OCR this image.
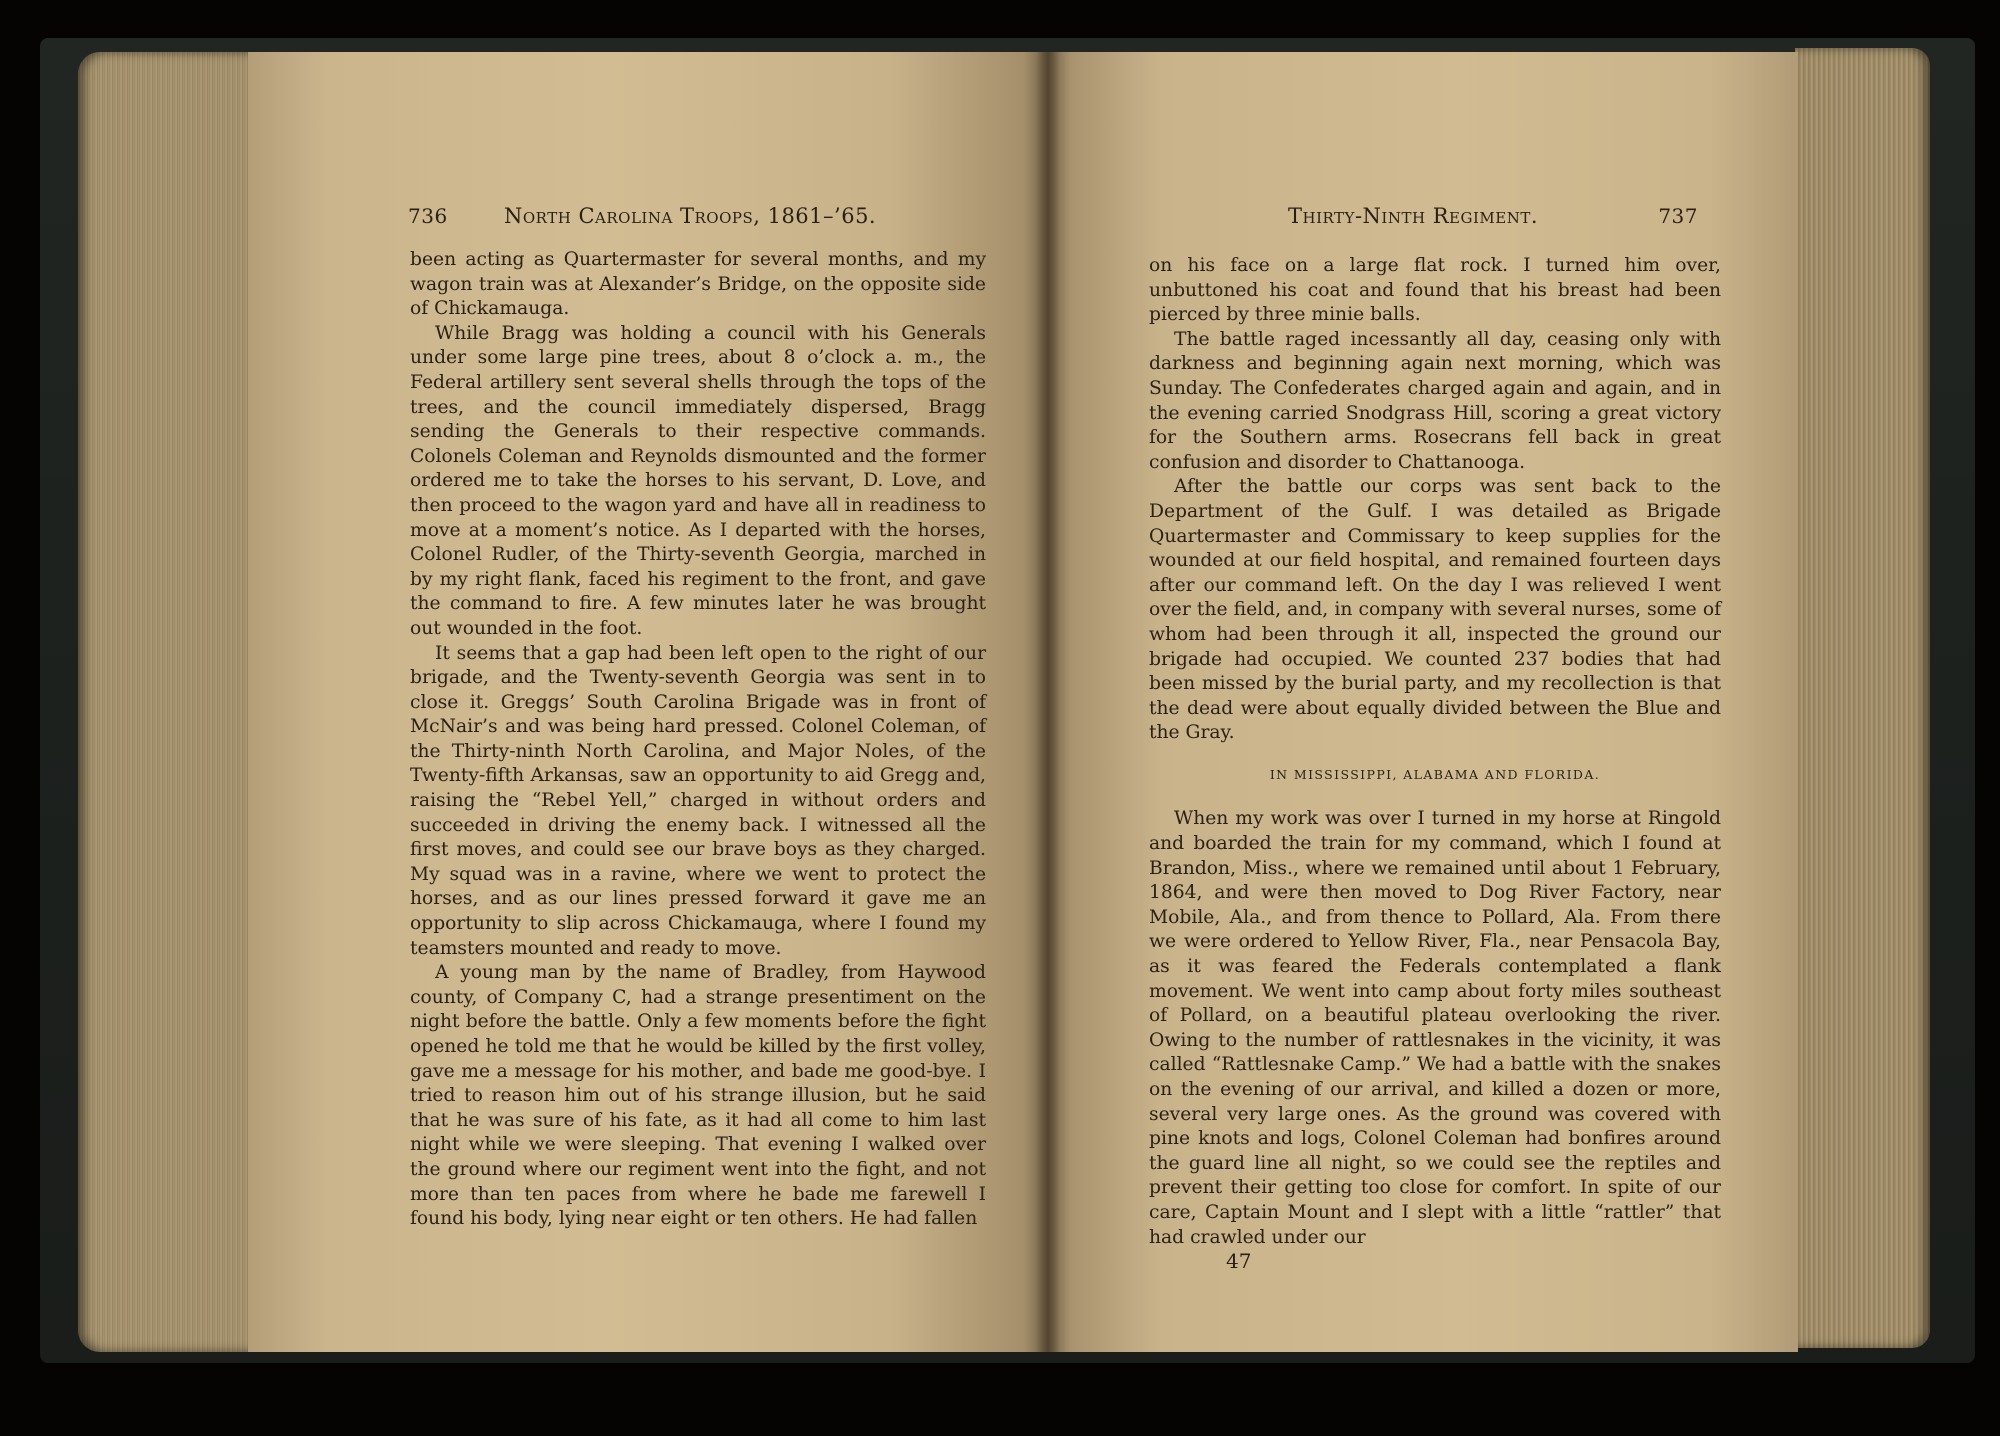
736	North Carolina Troops, 1861–’65.

been acting as Quartermaster for several months, and my wagon train was at Alexander’s Bridge, on the opposite side of Chickamauga.

While Bragg was holding a council with his Generals under some large pine trees, about 8 o’clock a. m., the Federal artillery sent several shells through the tops of the trees, and the council immediately dispersed, Bragg sending the Generals to their respective commands. Colonels Coleman and Reynolds dismounted and the former ordered me to take the horses to his servant, D. Love, and then proceed to the wagon yard and have all in readiness to move at a moment’s notice. As I departed with the horses, Colonel Rudler, of the Thirty-seventh Georgia, marched in by my right flank, faced his regiment to the front, and gave the command to fire. A few minutes later he was brought out wounded in the foot.

It seems that a gap had been left open to the right of our brigade, and the Twenty-seventh Georgia was sent in to close it. Greggs’ South Carolina Brigade was in front of McNair’s and was being hard pressed. Colonel Coleman, of the Thirty-ninth North Carolina, and Major Noles, of the Twenty-fifth Arkansas, saw an opportunity to aid Gregg and, raising the “Rebel Yell,” charged in without orders and succeeded in driving the enemy back. I witnessed all the first moves, and could see our brave boys as they charged. My squad was in a ravine, where we went to protect the horses, and as our lines pressed forward it gave me an opportunity to slip across Chickamauga, where I found my teamsters mounted and ready to move.

A young man by the name of Bradley, from Haywood county, of Company C, had a strange presentiment on the night before the battle. Only a few moments before the fight opened he told me that he would be killed by the first volley, gave me a message for his mother, and bade me good-bye. I tried to reason him out of his strange illusion, but he said that he was sure of his fate, as it had all come to him last night while we were sleeping. That evening I walked over the ground where our regiment went into the fight, and not more than ten paces from where he bade me farewell I found his body, lying near eight or ten others. He had fallen

Thirty-Ninth Regiment.	737

on his face on a large flat rock. I turned him over, unbuttoned his coat and found that his breast had been pierced by three minie balls.

The battle raged incessantly all day, ceasing only with darkness and beginning again next morning, which was Sunday. The Confederates charged again and again, and in the evening carried Snodgrass Hill, scoring a great victory for the Southern arms. Rosecrans fell back in great confusion and disorder to Chattanooga.

After the battle our corps was sent back to the Department of the Gulf. I was detailed as Brigade Quartermaster and Commissary to keep supplies for the wounded at our field hospital, and remained fourteen days after our command left. On the day I was relieved I went over the field, and, in company with several nurses, some of whom had been through it all, inspected the ground our brigade had occupied. We counted 237 bodies that had been missed by the burial party, and my recollection is that the dead were about equally divided between the Blue and the Gray.

IN MISSISSIPPI, ALABAMA AND FLORIDA.

When my work was over I turned in my horse at Ringold and boarded the train for my command, which I found at Brandon, Miss., where we remained until about 1 February, 1864, and were then moved to Dog River Factory, near Mobile, Ala., and from thence to Pollard, Ala. From there we were ordered to Yellow River, Fla., near Pensacola Bay, as it was feared the Federals contemplated a flank movement. We went into camp about forty miles southeast of Pollard, on a beautiful plateau overlooking the river. Owing to the number of rattlesnakes in the vicinity, it was called “Rattlesnake Camp.” We had a battle with the snakes on the evening of our arrival, and killed a dozen or more, several very large ones. As the ground was covered with pine knots and logs, Colonel Coleman had bonfires around the guard line all night, so we could see the reptiles and prevent their getting too close for comfort. In spite of our care, Captain Mount and I slept with a little “rattler” that had crawled under our

47
